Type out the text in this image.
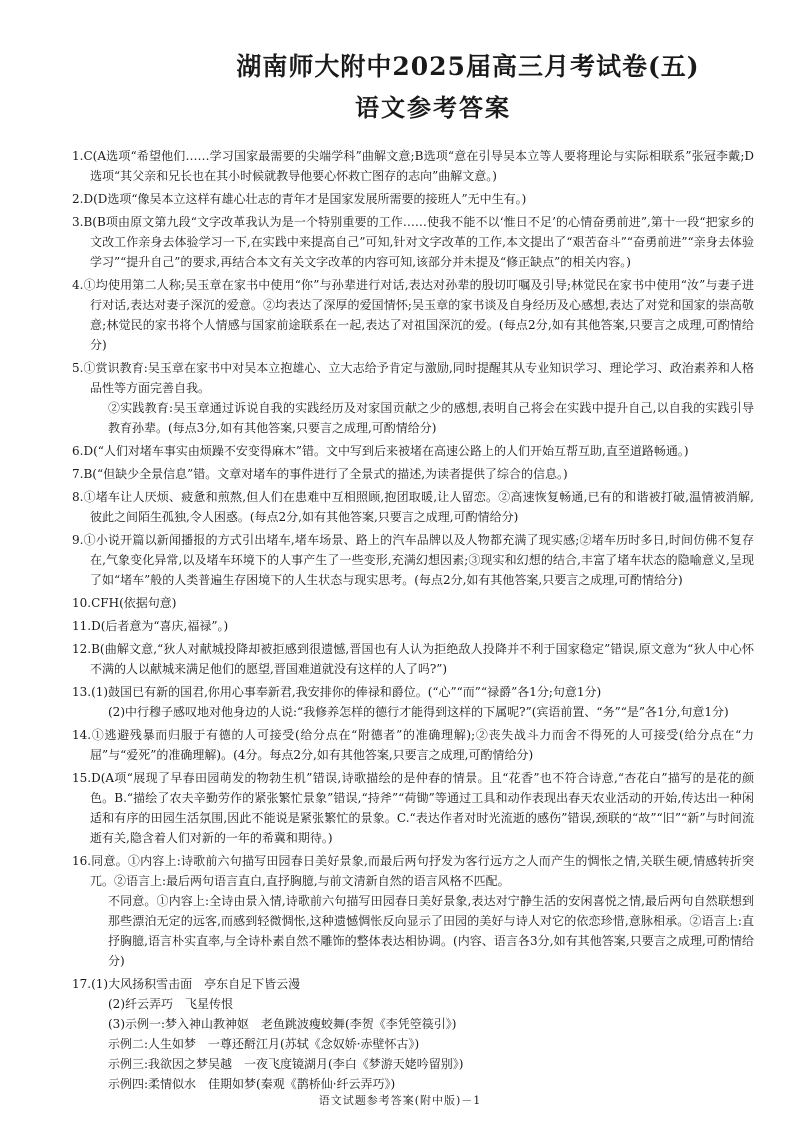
湖南师大附中2025届高三月考试卷(五)
语文参考答案

1.C(A选项“希望他们……学习国家最需要的尖端学科”曲解文意;B选项“意在引导吴本立等人要将理论与实际相联系”张冠李戴;D选项“其父亲和兄长也在其小时候就教导他要心怀救亡图存的志向”曲解文意。)

2.D(D选项“像吴本立这样有雄心壮志的青年才是国家发展所需要的接班人”无中生有。)

3.B(B项由原文第九段“文字改革我认为是一个特别重要的工作……使我不能不以‘惟日不足’的心情奋勇前进”,第十一段“把家乡的文改工作亲身去体验学习一下,在实践中来提高自己”可知,针对文字改革的工作,本文提出了“艰苦奋斗”“奋勇前进”“亲身去体验学习”“提升自己”的要求,再结合本文有关文字改革的内容可知,该部分并未提及“修正缺点”的相关内容。)

4.①均使用第二人称;吴玉章在家书中使用“你”与孙辈进行对话,表达对孙辈的殷切叮嘱及引导;林觉民在家书中使用“汝”与妻子进行对话,表达对妻子深沉的爱意。②均表达了深厚的爱国情怀;吴玉章的家书谈及自身经历及心感想,表达了对党和国家的崇高敬意;林觉民的家书将个人情感与国家前途联系在一起,表达了对祖国深沉的爱。(每点2分,如有其他答案,只要言之成理,可酌情给分)

5.①赏识教育:吴玉章在家书中对吴本立抱雄心、立大志给予肯定与激励,同时提醒其从专业知识学习、理论学习、政治素养和人格品性等方面完善自我。

②实践教育:吴玉章通过诉说自我的实践经历及对家国贡献之少的感想,表明自己将会在实践中提升自己,以自我的实践引导教育孙辈。(每点3分,如有其他答案,只要言之成理,可酌情给分)

6.D(“人们对堵车事实由烦躁不安变得麻木”错。文中写到后来被堵在高速公路上的人们开始互帮互助,直至道路畅通。)

7.B(“但缺少全景信息”错。文章对堵车的事件进行了全景式的描述,为读者提供了综合的信息。)

8.①堵车让人厌烦、疲惫和煎熬,但人们在患难中互相照顾,抱团取暖,让人留恋。②高速恢复畅通,已有的和谐被打破,温情被消解,彼此之间陌生孤独,令人困惑。(每点2分,如有其他答案,只要言之成理,可酌情给分)

9.①小说开篇以新闻播报的方式引出堵车,堵车场景、路上的汽车品牌以及人物都充满了现实感;②堵车历时多日,时间仿佛不复存在,气象变化异常,以及堵车环境下的人事产生了一些变形,充满幻想因素;③现实和幻想的结合,丰富了堵车状态的隐喻意义,呈现了如“堵车”般的人类普遍生存困境下的人生状态与现实思考。(每点2分,如有其他答案,只要言之成理,可酌情给分)

10.CFH(依据句意)

11.D(后者意为“喜庆,福禄”。)

12.B(曲解文意,“狄人对献城投降却被拒感到很遗憾,晋国也有人认为拒绝敌人投降并不利于国家稳定”错误,原文意为“狄人中心怀不满的人以献城来满足他们的愿望,晋国难道就没有这样的人了吗?”)

13.(1)鼓国已有新的国君,你用心事奉新君,我安排你的俸禄和爵位。(“心”“而”“禄爵”各1分;句意1分)

(2)中行穆子感叹地对他身边的人说:“我修养怎样的德行才能得到这样的下属呢?”(宾语前置、“务”“是”各1分,句意1分)

14.①逃避残暴而归服于有德的人可接受(给分点在“附德者”的准确理解);②丧失战斗力而舍不得死的人可接受(给分点在“力屈”与“爱死”的准确理解)。(4分。每点2分,如有其他答案,只要言之成理,可酌情给分)

15.D(A项“展现了早春田园萌发的物勃生机”错误,诗歌描绘的是仲春的情景。且“花香”也不符合诗意,“杏花白”描写的是花的颜色。B.“描绘了农夫辛勤劳作的紧张繁忙景象”错误,“持斧”“荷锄”等通过工具和动作表现出春天农业活动的开始,传达出一种闲适和有序的田园生活氛围,因此不能说是紧张繁忙的景象。C.“表达作者对时光流逝的感伤”错误,颈联的“故”“旧”“新”与时间流逝有关,隐含着人们对新的一年的希冀和期待。)

16.同意。①内容上:诗歌前六句描写田园春日美好景象,而最后两句抒发为客行远方之人而产生的惆怅之情,关联生硬,情感转折突兀。②语言上:最后两句语言直白,直抒胸臆,与前文清新自然的语言风格不匹配。

不同意。①内容上:全诗由景入情,诗歌前六句描写田园春日美好景象,表达对宁静生活的安闲喜悦之情,最后两句自然联想到那些漂泊无定的远客,而感到轻微惆怅,这种遗憾惆怅反向显示了田园的美好与诗人对它的依恋珍惜,意脉相承。②语言上:直抒胸臆,语言朴实直率,与全诗朴素自然不雕饰的整体表达相协调。(内容、语言各3分,如有其他答案,只要言之成理,可酌情给分)

17.(1)大风扬积雪击面　亭东自足下皆云漫

(2)纤云弄巧　飞星传恨

(3)示例一:梦入神山教神妪　老鱼跳波瘦蛟舞(李贺《李凭箜篌引》)

示例二:人生如梦　一尊还酹江月(苏轼《念奴娇·赤壁怀古》)

示例三:我欲因之梦吴越　一夜飞度镜湖月(李白《梦游天姥吟留别》)

示例四:柔情似水　佳期如梦(秦观《鹊桥仙·纤云弄巧》)

语文试题参考答案(附中版)－1
